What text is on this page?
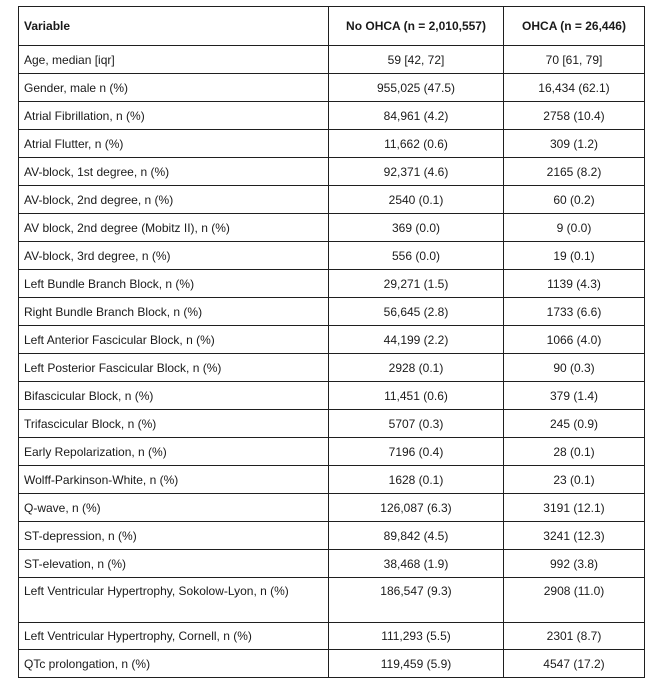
Variable	No OHCA (n = 2,010,557)	OHCA (n = 26,446)
Age, median [iqr]	59 [42, 72]	70 [61, 79]
Gender, male n (%)	955,025 (47.5)	16,434 (62.1)
Atrial Fibrillation, n (%)	84,961 (4.2)	2758 (10.4)
Atrial Flutter, n (%)	11,662 (0.6)	309 (1.2)
AV-block, 1st degree, n (%)	92,371 (4.6)	2165 (8.2)
AV-block, 2nd degree, n (%)	2540 (0.1)	60 (0.2)
AV block, 2nd degree (Mobitz II), n (%)	369 (0.0)	9 (0.0)
AV-block, 3rd degree, n (%)	556 (0.0)	19 (0.1)
Left Bundle Branch Block, n (%)	29,271 (1.5)	1139 (4.3)
Right Bundle Branch Block, n (%)	56,645 (2.8)	1733 (6.6)
Left Anterior Fascicular Block, n (%)	44,199 (2.2)	1066 (4.0)
Left Posterior Fascicular Block, n (%)	2928 (0.1)	90 (0.3)
Bifascicular Block, n (%)	11,451 (0.6)	379 (1.4)
Trifascicular Block, n (%)	5707 (0.3)	245 (0.9)
Early Repolarization, n (%)	7196 (0.4)	28 (0.1)
Wolff-Parkinson-White, n (%)	1628 (0.1)	23 (0.1)
Q-wave, n (%)	126,087 (6.3)	3191 (12.1)
ST-depression, n (%)	89,842 (4.5)	3241 (12.3)
ST-elevation, n (%)	38,468 (1.9)	992 (3.8)
Left Ventricular Hypertrophy, Sokolow-Lyon, n (%)	186,547 (9.3)	2908 (11.0)
Left Ventricular Hypertrophy, Cornell, n (%)	111,293 (5.5)	2301 (8.7)
QTc prolongation, n (%)	119,459 (5.9)	4547 (17.2)
